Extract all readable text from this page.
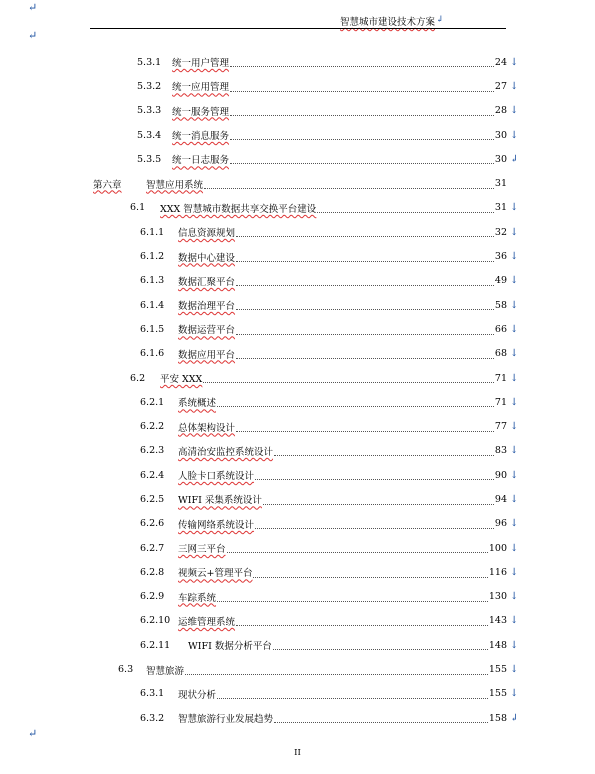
↵
↵
↵
智慧城市建设技术方案 ↲
5.3.1	统一用户管理	24 ↓
5.3.2	统一应用管理	27 ↓
5.3.3	统一服务管理	28 ↓
5.3.4	统一消息服务	30 ↓
5.3.5	统一日志服务	30 ↲
第六章	智慧应用系统	31
6.1	XXX 智慧城市数据共享交换平台建设	31 ↓
6.1.1	信息资源规划	32 ↓
6.1.2	数据中心建设	36 ↓
6.1.3	数据汇聚平台	49 ↓
6.1.4	数据治理平台	58 ↓
6.1.5	数据运营平台	66 ↓
6.1.6	数据应用平台	68 ↓
6.2	平安 XXX	71 ↓
6.2.1	系统概述	71 ↓
6.2.2	总体架构设计	77 ↓
6.2.3	高清治安监控系统设计	83 ↓
6.2.4	人脸卡口系统设计	90 ↓
6.2.5	WIFI 采集系统设计	94 ↓
6.2.6	传输网络系统设计	96 ↓
6.2.7	三网三平台	100 ↓
6.2.8	视频云+管理平台	116 ↓
6.2.9	车踪系统	130 ↓
6.2.10 运维管理系统	143 ↓
6.2.11	WIFI 数据分析平台	148 ↓
6.3	智慧旅游	155 ↓
6.3.1	现状分析	155 ↓
6.3.2	智慧旅游行业发展趋势	158 ↲
II
